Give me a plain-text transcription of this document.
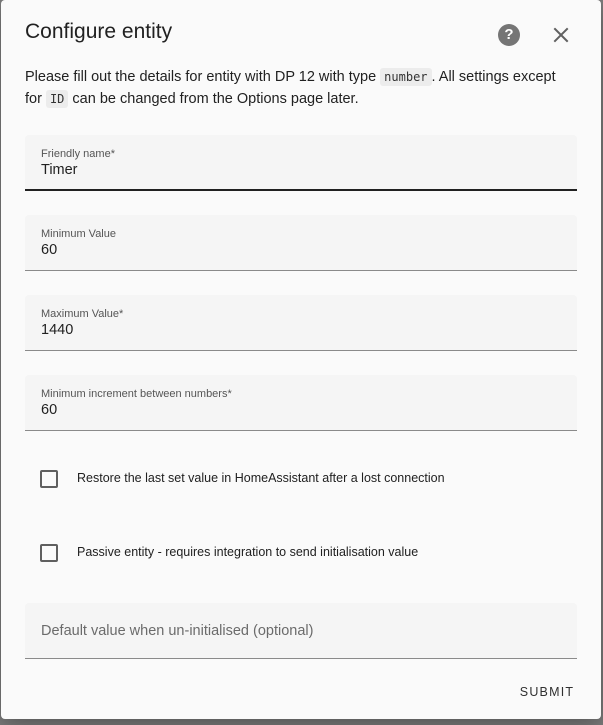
Configure entity	?
Please fill out the details for entity with DP 12 with type number . All settings except for ID can be changed from the Options page later.
Friendly name*
Timer
Minimum Value
60
Maximum Value*
1440
Minimum increment between numbers*
60
Restore the last set value in HomeAssistant after a lost connection
Passive entity - requires integration to send initialisation value
Default value when un-initialised (optional)
SUBMIT
